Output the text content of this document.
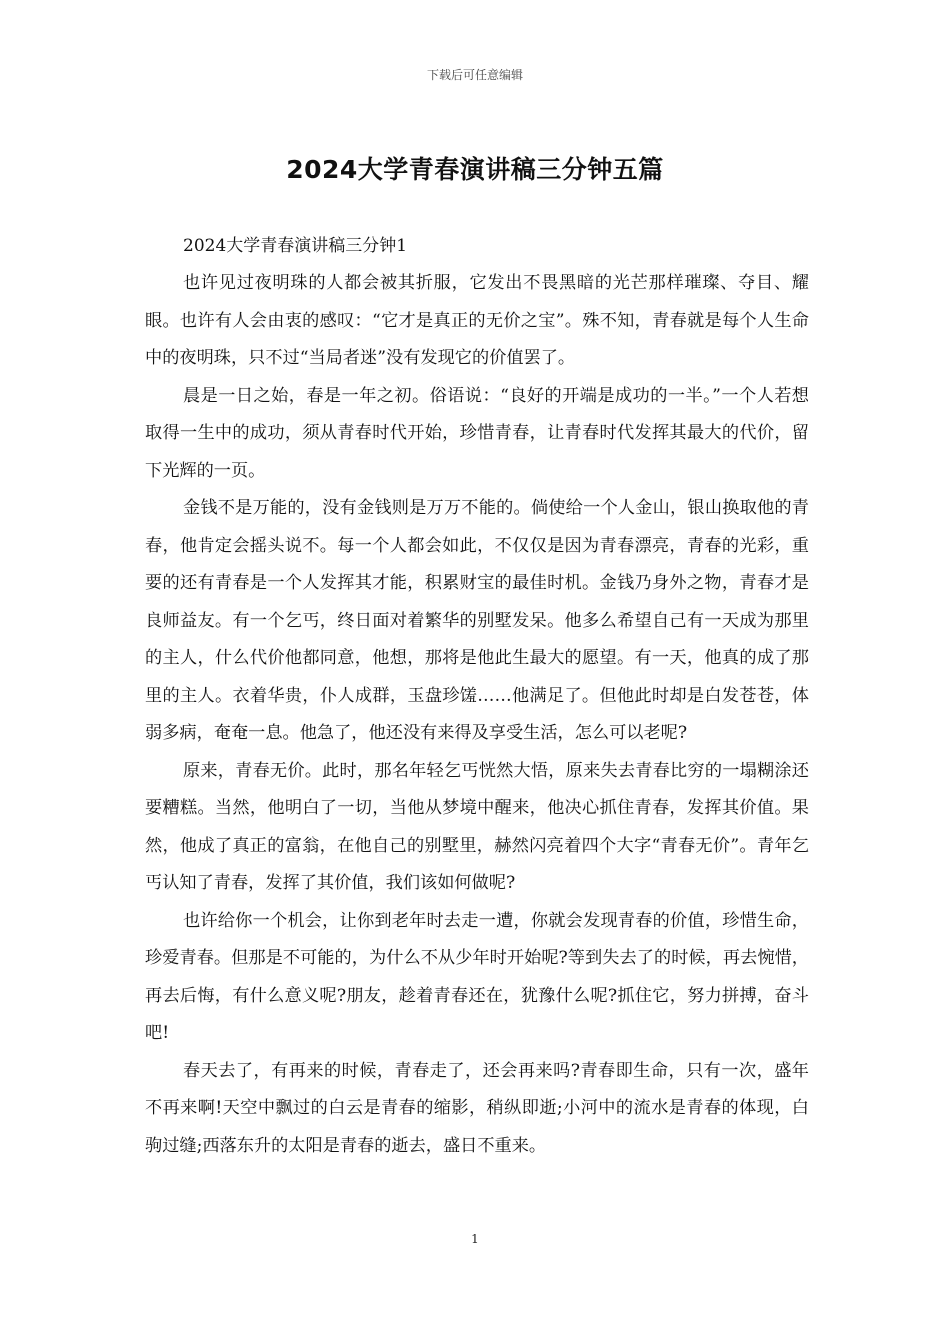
下载后可任意编辑
2024大学青春演讲稿三分钟五篇

2024大学青春演讲稿三分钟1

也许见过夜明珠的人都会被其折服，它发出不畏黑暗的光芒那样璀璨、夺目、耀眼。也许有人会由衷的感叹：“它才是真正的无价之宝”。殊不知，青春就是每个人生命中的夜明珠，只不过“当局者迷”没有发现它的价值罢了。

晨是一日之始，春是一年之初。俗语说：“良好的开端是成功的一半。”一个人若想取得一生中的成功，须从青春时代开始，珍惜青春，让青春时代发挥其最大的代价，留下光辉的一页。

金钱不是万能的，没有金钱则是万万不能的。倘使给一个人金山，银山换取他的青春，他肯定会摇头说不。每一个人都会如此，不仅仅是因为青春漂亮，青春的光彩，重要的还有青春是一个人发挥其才能，积累财宝的最佳时机。金钱乃身外之物，青春才是良师益友。有一个乞丐，终日面对着繁华的别墅发呆。他多么希望自己有一天成为那里的主人，什么代价他都同意，他想，那将是他此生最大的愿望。有一天，他真的成了那里的主人。衣着华贵，仆人成群，玉盘珍馐……他满足了。但他此时却是白发苍苍，体弱多病，奄奄一息。他急了，他还没有来得及享受生活，怎么可以老呢?

原来，青春无价。此时，那名年轻乞丐恍然大悟，原来失去青春比穷的一塌糊涂还要糟糕。当然，他明白了一切，当他从梦境中醒来，他决心抓住青春，发挥其价值。果然，他成了真正的富翁，在他自己的别墅里，赫然闪亮着四个大字“青春无价”。青年乞丐认知了青春，发挥了其价值，我们该如何做呢?

也许给你一个机会，让你到老年时去走一遭，你就会发现青春的价值，珍惜生命，珍爱青春。但那是不可能的，为什么不从少年时开始呢?等到失去了的时候，再去惋惜，再去后悔，有什么意义呢?朋友，趁着青春还在，犹豫什么呢?抓住它，努力拼搏，奋斗吧!

春天去了，有再来的时候，青春走了，还会再来吗?青春即生命，只有一次，盛年不再来啊!天空中飘过的白云是青春的缩影，稍纵即逝;小河中的流水是青春的体现，白驹过缝;西落东升的太阳是青春的逝去，盛日不重来。

1
